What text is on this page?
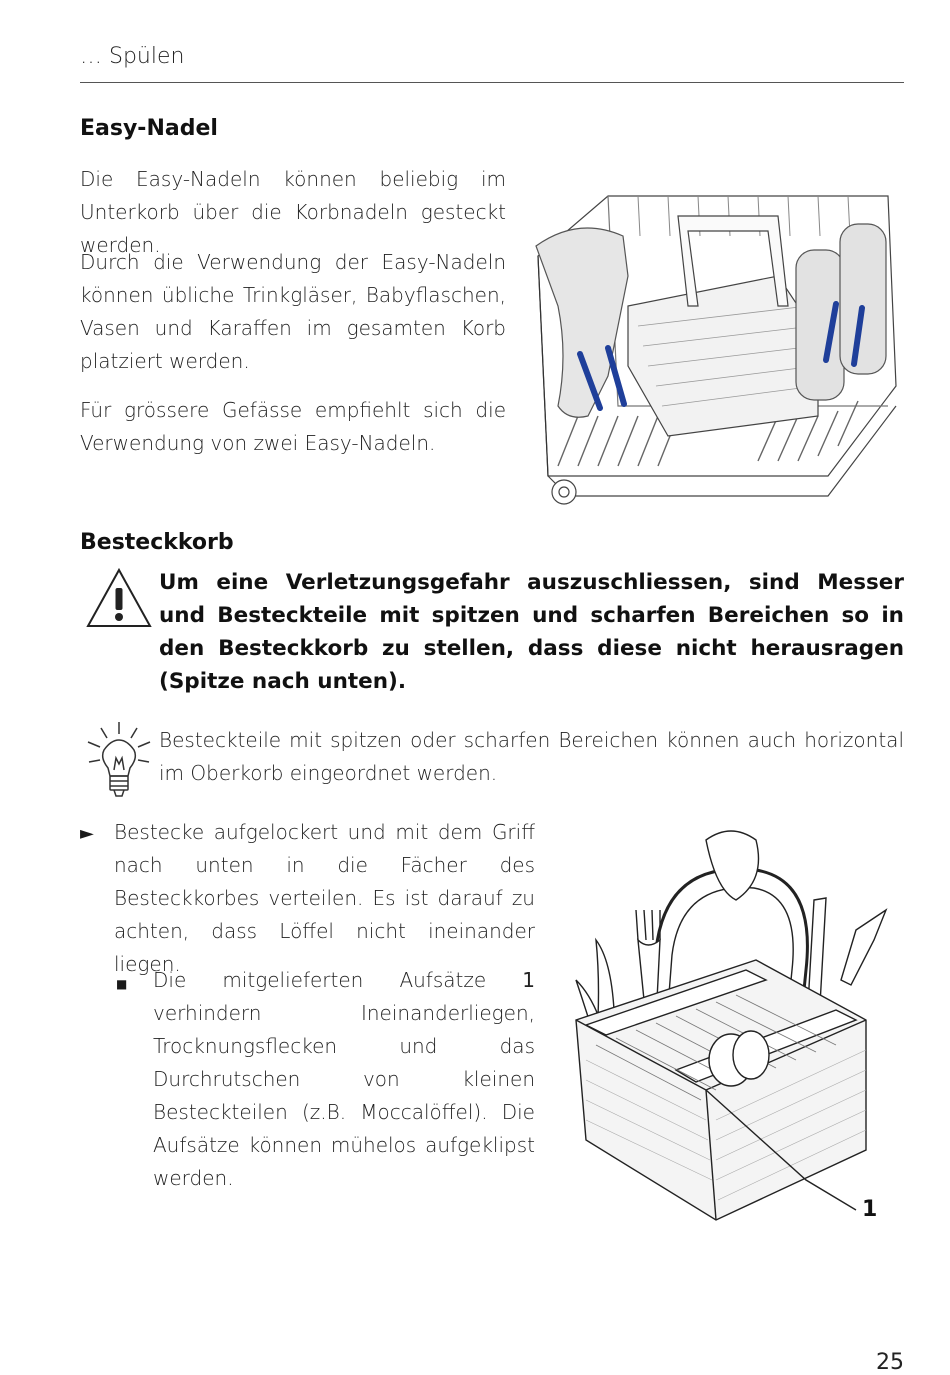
… Spülen
Easy-Nadel
Die Easy-Nadeln können beliebig im Unterkorb über die Korbnadeln gesteckt werden.
Durch die Verwendung der Easy-Nadeln können übliche Trinkgläser, Babyflaschen, Vasen und Karaffen im gesamten Korb platziert werden.
Für grössere Gefässe empfiehlt sich die Verwendung von zwei Easy-Nadeln.
Besteckkorb
Um eine Verletzungsgefahr auszuschliessen, sind Messer und Besteckteile mit spitzen und scharfen Bereichen so in den Besteckkorb zu stellen, dass diese nicht herausragen (Spitze nach unten).
Besteckteile mit spitzen oder scharfen Bereichen können auch horizontal im Oberkorb eingeordnet werden.
► Bestecke aufgelockert und mit dem Griff nach unten in die Fächer des Besteckkorbes verteilen. Es ist darauf zu achten, dass Löffel nicht ineinander liegen.
■ Die mitgelieferten Aufsätze 1 verhindern Ineinanderliegen, Trocknungsflecken und das Durchrutschen von kleinen Besteckteilen (z.B. Moccalöffel). Die Aufsätze können mühelos aufgeklipst werden.
1
25
